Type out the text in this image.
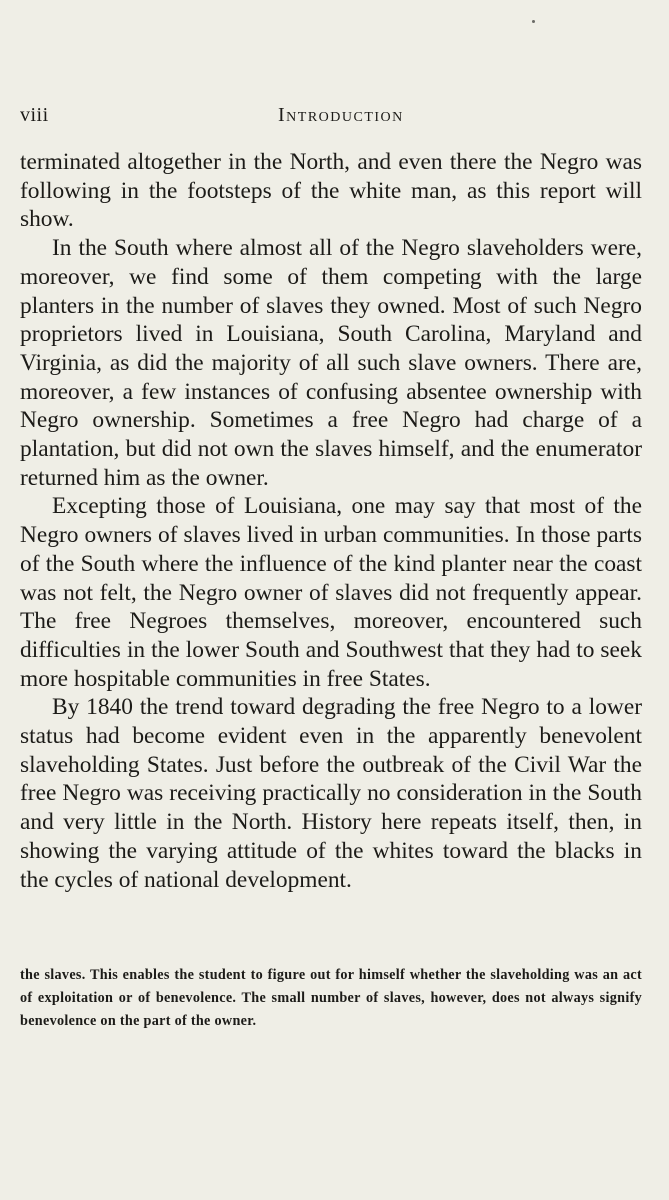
viii	Introduction

terminated altogether in the North, and even there the Negro was following in the footsteps of the white man, as this report will show.

In the South where almost all of the Negro slaveholders were, moreover, we find some of them competing with the large planters in the number of slaves they owned. Most of such Negro proprietors lived in Louisiana, South Carolina, Maryland and Virginia, as did the majority of all such slave owners. There are, moreover, a few instances of confusing absentee ownership with Negro ownership. Sometimes a free Negro had charge of a plantation, but did not own the slaves himself, and the enumerator returned him as the owner.

Excepting those of Louisiana, one may say that most of the Negro owners of slaves lived in urban communities. In those parts of the South where the influence of the kind planter near the coast was not felt, the Negro owner of slaves did not frequently appear. The free Negroes themselves, moreover, encountered such difficulties in the lower South and Southwest that they had to seek more hospitable communities in free States.

By 1840 the trend toward degrading the free Negro to a lower status had become evident even in the apparently benevolent slaveholding States. Just before the outbreak of the Civil War the free Negro was receiving practically no consideration in the South and very little in the North. History here repeats itself, then, in showing the varying attitude of the whites toward the blacks in the cycles of national development.

the slaves. This enables the student to figure out for himself whether the slaveholding was an act of exploitation or of benevolence. The small number of slaves, however, does not always signify benevolence on the part of the owner.
